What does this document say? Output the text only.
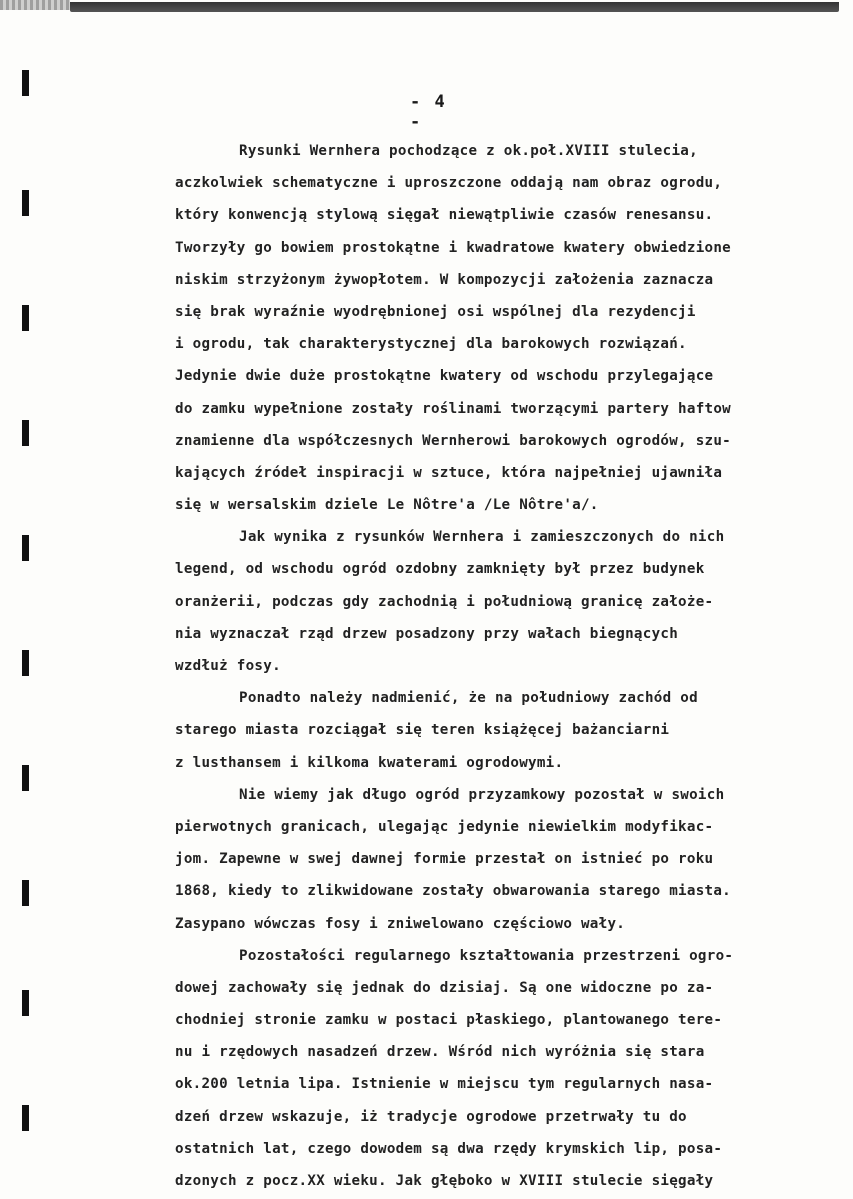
- 4 -
Rysunki Wernhera pochodzące z ok.poł.XVIII stulecia,
aczkolwiek schematyczne i uproszczone oddają nam obraz ogrodu,
który konwencją stylową sięgał niewątpliwie czasów renesansu.
Tworzyły go bowiem prostokątne i kwadratowe kwatery obwiedzione
niskim strzyżonym żywopłotem. W kompozycji założenia zaznacza
się brak wyraźnie wyodrębnionej osi wspólnej dla rezydencji
i ogrodu, tak charakterystycznej dla barokowych rozwiązań.
Jedynie dwie duże prostokątne kwatery od wschodu przylegające
do zamku wypełnione zostały roślinami tworzącymi partery haftow
znamienne dla współczesnych Wernherowi barokowych ogrodów, szu-
kających źródeł inspiracji w sztuce, która najpełniej ujawniła
się w wersalskim dziele Le Nôtre'a /Le Nôtre'a/.
Jak wynika z rysunków Wernhera i zamieszczonych do nich
legend, od wschodu ogród ozdobny zamknięty był przez budynek
oranżerii, podczas gdy zachodnią i południową granicę założe-
nia wyznaczał rząd drzew posadzony przy wałach biegnących
wzdłuż fosy.
Ponadto należy nadmienić, że na południowy zachód od
starego miasta rozciągał się teren książęcej bażanciarni
z lusthansem i kilkoma kwaterami ogrodowymi.
Nie wiemy jak długo ogród przyzamkowy pozostał w swoich
pierwotnych granicach, ulegając jedynie niewielkim modyfikac-
jom. Zapewne w swej dawnej formie przestał on istnieć po roku
1868, kiedy to zlikwidowane zostały obwarowania starego miasta.
Zasypano wówczas fosy i zniwelowano częściowo wały.
Pozostałości regularnego kształtowania przestrzeni ogro-
dowej zachowały się jednak do dzisiaj. Są one widoczne po za-
chodniej stronie zamku w postaci płaskiego, plantowanego tere-
nu i rzędowych nasadzeń drzew. Wśród nich wyróżnia się stara
ok.200 letnia lipa. Istnienie w miejscu tym regularnych nasa-
dzeń drzew wskazuje, iż tradycje ogrodowe przetrwały tu do
ostatnich lat, czego dowodem są dwa rzędy krymskich lip, posa-
dzonych z pocz.XX wieku. Jak głęboko w XVIII stulecie sięgały
